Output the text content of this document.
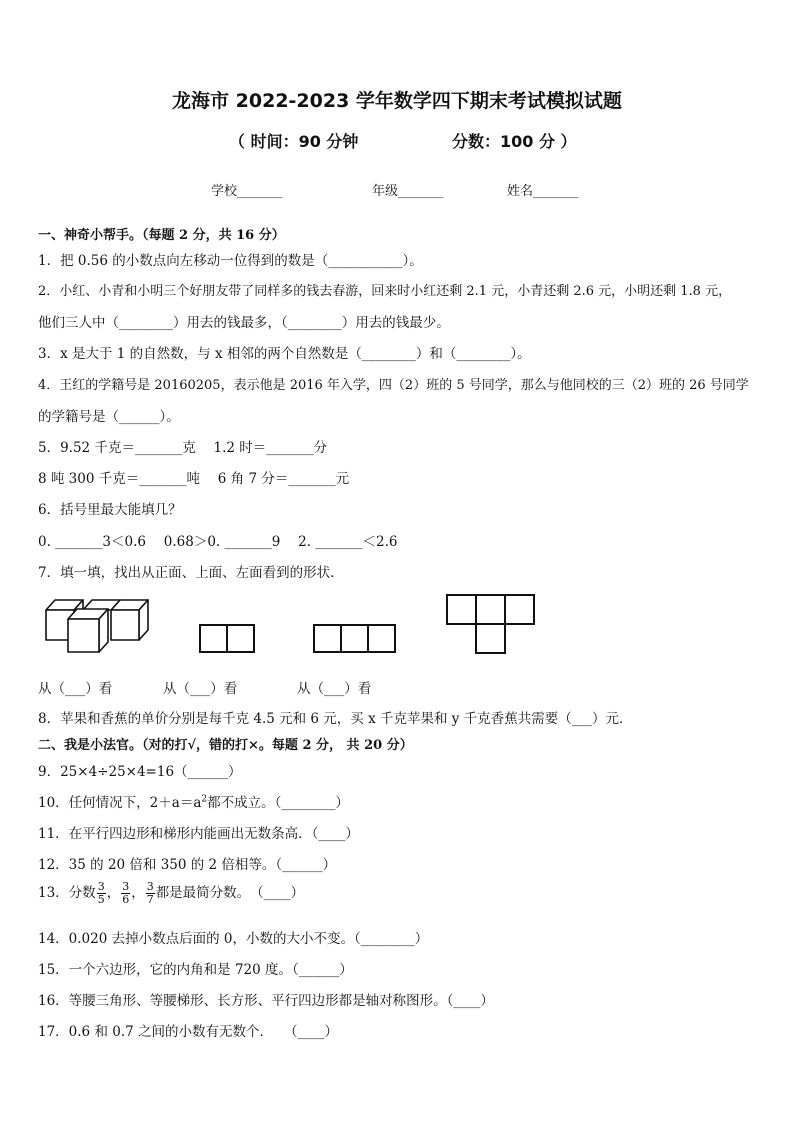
龙海市 2022-2023 学年数学四下期末考试模拟试题
（ 时间：90 分钟	分数：100 分 ）
学校_______	年级_______	姓名_______
一、神奇小帮手。（每题 2 分，共 16 分）
1．把 0.56 的小数点向左移动一位得到的数是（___________）。
2．小红、小青和小明三个好朋友带了同样多的钱去春游，回来时小红还剩 2.1 元，小青还剩 2.6 元，小明还剩 1.8 元，
他们三人中（________）用去的钱最多，（________）用去的钱最少。
3．x 是大于 1 的自然数，与 x 相邻的两个自然数是（________）和（________）。
4．王红的学籍号是 20160205，表示他是 2016 年入学，四（2）班的 5 号同学，那么与他同校的三（2）班的 26 号同学
的学籍号是（______）。
5．9.52 千克＝_______克　 1.2 时＝_______分
8 吨 300 千克＝_______吨　 6 角 7 分＝_______元
6．括号里最大能填几？
0. _______3＜0.6　 0.68＞0. _______9　 2. _______＜2.6
7．填一填，找出从正面、上面、左面看到的形状．
从（___）看	从（___）看	从（___）看
8．苹果和香蕉的单价分别是每千克 4.5 元和 6 元，买 x 千克苹果和 y 千克香蕉共需要（___）元．
二、我是小法官。（对的打√，错的打×。每题 2 分， 共 20 分）
9．25×4÷25×4=16（______）
10．任何情况下，$2+a=a^2$都不成立。（________）
11．在平行四边形和梯形内能画出无数条高．（____）
12．35 的 20 倍和 350 的 2 倍相等。（______）
13．分数 $\frac{3}{5}$ ， $\frac{3}{6}$ ， $\frac{3}{7}$ 都是最简分数。　（____）
14．0.020 去掉小数点后面的 0，小数的大小不变。（________）
15．一个六边形，它的内角和是 720 度。（______）
16．等腰三角形、等腰梯形、长方形、平行四边形都是轴对称图形。（____）
17．0.6 和 0.7 之间的小数有无数个．　 （____）
